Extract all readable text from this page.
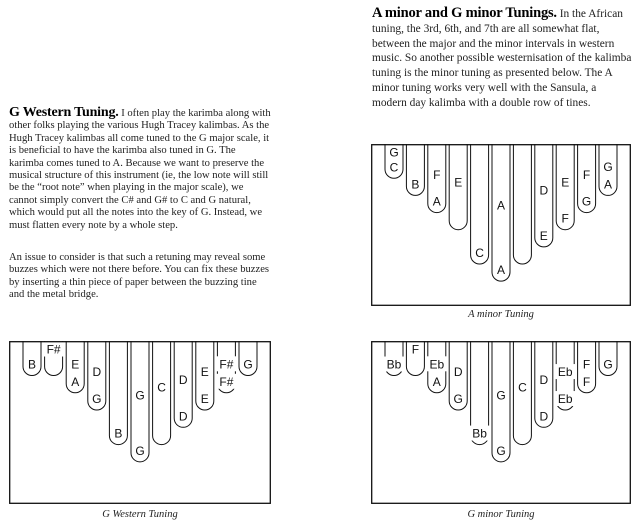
G Western Tuning. I often play the karimba along with other folks playing the various Hugh Tracey kalimbas. As the Hugh Tracey kalimbas all come tuned to the G major scale, it is beneficial to have the karimba also tuned in G. The karimba comes tuned to A. Because we want to preserve the musical structure of this instrument (ie, the low note will still be the “root note” when playing in the major scale), we cannot simply convert the C# and G# to C and G natural, which would put all the notes into the key of G. Instead, we must flatten every note by a whole step.

An issue to consider is that such a retuning may reveal some buzzes which were not there before. You can fix these buzzes by inserting a thin piece of paper between the buzzing tine and the metal bridge.

A minor and G minor Tunings. In the African tuning, the 3rd, 6th, and 7th are all somewhat flat, between the major and the minor intervals in western music. So another possible westernisation of the kalimba tuning is the minor tuning as presented below. The A minor tuning works very well with the Sansula, a modern day kalimba with a double row of tines.

G
C
B
F
A
E
C
A
A
D
E
E
F
F
G
G
A

A minor Tuning

B
F#
E
A
D
G
B
G
G
C
D
D
E
E
F#
F#
G

G Western Tuning

Bb
F
Eb
A
D
G
Bb
G
G
C
D
D
Eb
Eb
F
F
G

G minor Tuning
